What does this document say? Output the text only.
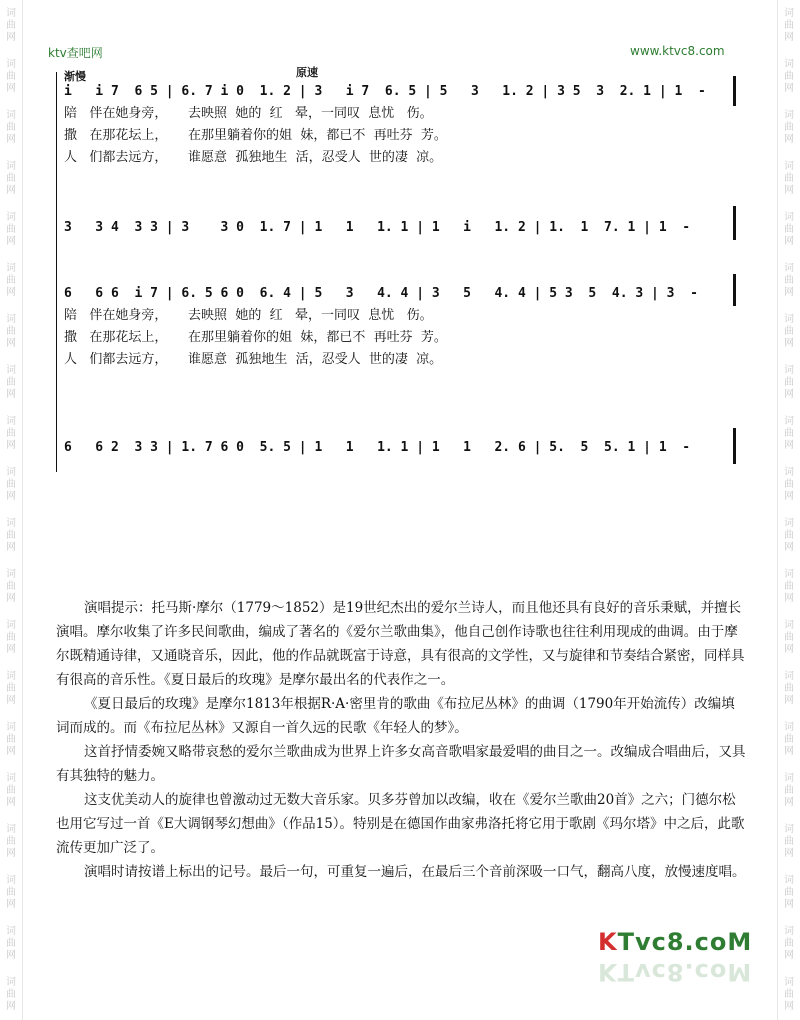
词曲网
词曲网
词曲网
词曲网
词曲网
词曲网
词曲网
词曲网
词曲网
词曲网
词曲网
词曲网
词曲网
词曲网
词曲网
词曲网
词曲网
词曲网
词曲网
词曲网
词曲网
词曲网
词曲网
词曲网
词曲网
词曲网
词曲网
词曲网
词曲网
词曲网
词曲网
词曲网
词曲网
词曲网
词曲网
词曲网
词曲网
词曲网
词曲网
词曲网
ktv查吧网	www.ktvc8.com
渐慢	原速
i   i 7  6 5 | 6. 7 i 0  1. 2 | 3   i 7  6. 5 | 5   3   1. 2 | 3 5  3  2. 1 | 1  -
陪   伴在她身旁，     去映照  她的  红   晕，一同叹  息忧   伤。
撒   在那花坛上，     在那里躺着你的姐  妹，都已不  再吐芬  芳。
人   们都去远方，     谁愿意  孤独地生  活，忍受人  世的凄  凉。
3   3 4  3 3 | 3    3 0  1. 7 | 1   1   1. 1 | 1   i   1. 2 | 1.  1  7. 1 | 1  -
6   6 6  i 7 | 6. 5 6 0  6. 4 | 5   3   4. 4 | 3   5   4. 4 | 5 3  5  4. 3 | 3  -
陪   伴在她身旁，     去映照  她的  红   晕，一同叹  息忧   伤。
撒   在那花坛上，     在那里躺着你的姐  妹，都已不  再吐芬  芳。
人   们都去远方，     谁愿意  孤独地生  活，忍受人  世的凄  凉。
6   6 2  3 3 | 1. 7 6 0  5. 5 | 1   1   1. 1 | 1   1   2. 6 | 5.  5  5. 1 | 1  -

演唱提示：托马斯·摩尔（1779～1852）是19世纪杰出的爱尔兰诗人，而且他还具有良好的音乐秉赋，并擅长演唱。摩尔收集了许多民间歌曲，编成了著名的《爱尔兰歌曲集》，他自己创作诗歌也往往利用现成的曲调。由于摩尔既精通诗律，又通晓音乐，因此，他的作品就既富于诗意，具有很高的文学性，又与旋律和节奏结合紧密，同样具有很高的音乐性。《夏日最后的玫瑰》是摩尔最出名的代表作之一。

《夏日最后的玫瑰》是摩尔1813年根据R·A·密里肯的歌曲《布拉尼丛林》的曲调（1790年开始流传）改编填词而成的。而《布拉尼丛林》又源自一首久远的民歌《年轻人的梦》。

这首抒情委婉又略带哀愁的爱尔兰歌曲成为世界上许多女高音歌唱家最爱唱的曲目之一。改编成合唱曲后，又具有其独特的魅力。

这支优美动人的旋律也曾激动过无数大音乐家。贝多芬曾加以改编，收在《爱尔兰歌曲20首》之六；门德尔松也用它写过一首《E大调钢琴幻想曲》（作品15）。特别是在德国作曲家弗洛托将它用于歌剧《玛尔塔》中之后，此歌流传更加广泛了。

演唱时请按谱上标出的记号。最后一句，可重复一遍后，在最后三个音前深吸一口气，翻高八度，放慢速度唱。

KTvc8.coM
KTvc8.coM
